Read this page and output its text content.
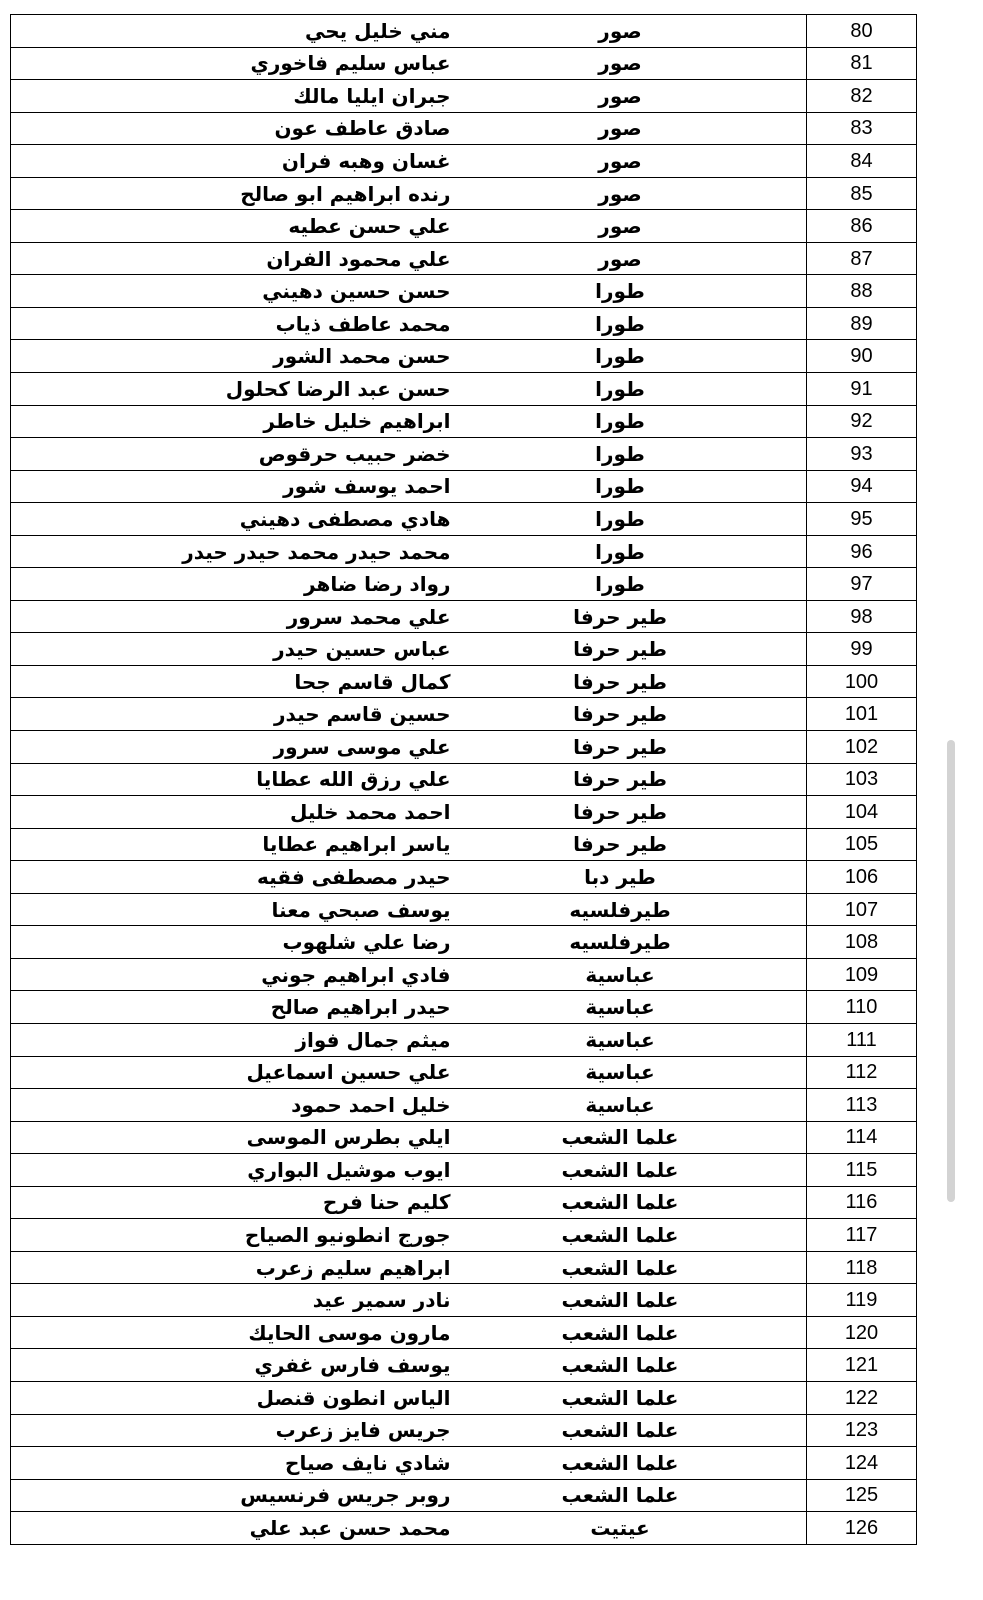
مني خليل يحي	صور	80
عباس سليم فاخوري	صور	81
جبران ايليا مالك	صور	82
صادق عاطف عون	صور	83
غسان وهبه فران	صور	84
رنده ابراهيم ابو صالح	صور	85
علي حسن عطيه	صور	86
علي محمود الفران	صور	87
حسن حسين دهيني	طورا	88
محمد عاطف ذياب	طورا	89
حسن محمد الشور	طورا	90
حسن عبد الرضا كحلول	طورا	91
ابراهيم خليل خاطر	طورا	92
خضر حبيب حرقوص	طورا	93
احمد يوسف شور	طورا	94
هادي مصطفى دهيني	طورا	95
محمد حيدر محمد حيدر حيدر	طورا	96
رواد رضا ضاهر	طورا	97
علي محمد سرور	طير حرفا	98
عباس حسين حيدر	طير حرفا	99
كمال قاسم جحا	طير حرفا	100
حسين قاسم حيدر	طير حرفا	101
علي موسى سرور	طير حرفا	102
علي رزق الله عطايا	طير حرفا	103
احمد محمد خليل	طير حرفا	104
ياسر ابراهيم عطايا	طير حرفا	105
حيدر مصطفى فقيه	طير دبا	106
يوسف صبحي معنا	طيرفلسيه	107
رضا علي شلهوب	طيرفلسيه	108
فادي ابراهيم جوني	عباسية	109
حيدر ابراهيم صالح	عباسية	110
ميثم جمال فواز	عباسية	111
علي حسين اسماعيل	عباسية	112
خليل احمد حمود	عباسية	113
ايلي بطرس الموسى	علما الشعب	114
ايوب موشيل البواري	علما الشعب	115
كليم حنا فرح	علما الشعب	116
جورج انطونيو الصياح	علما الشعب	117
ابراهيم سليم زعرب	علما الشعب	118
نادر سمير عيد	علما الشعب	119
مارون موسى الحايك	علما الشعب	120
يوسف فارس غفري	علما الشعب	121
الياس انطون قنصل	علما الشعب	122
جريس فايز زعرب	علما الشعب	123
شادي نايف صياح	علما الشعب	124
روبر جريس فرنسيس	علما الشعب	125
محمد حسن عبد علي	عيتيت	126
